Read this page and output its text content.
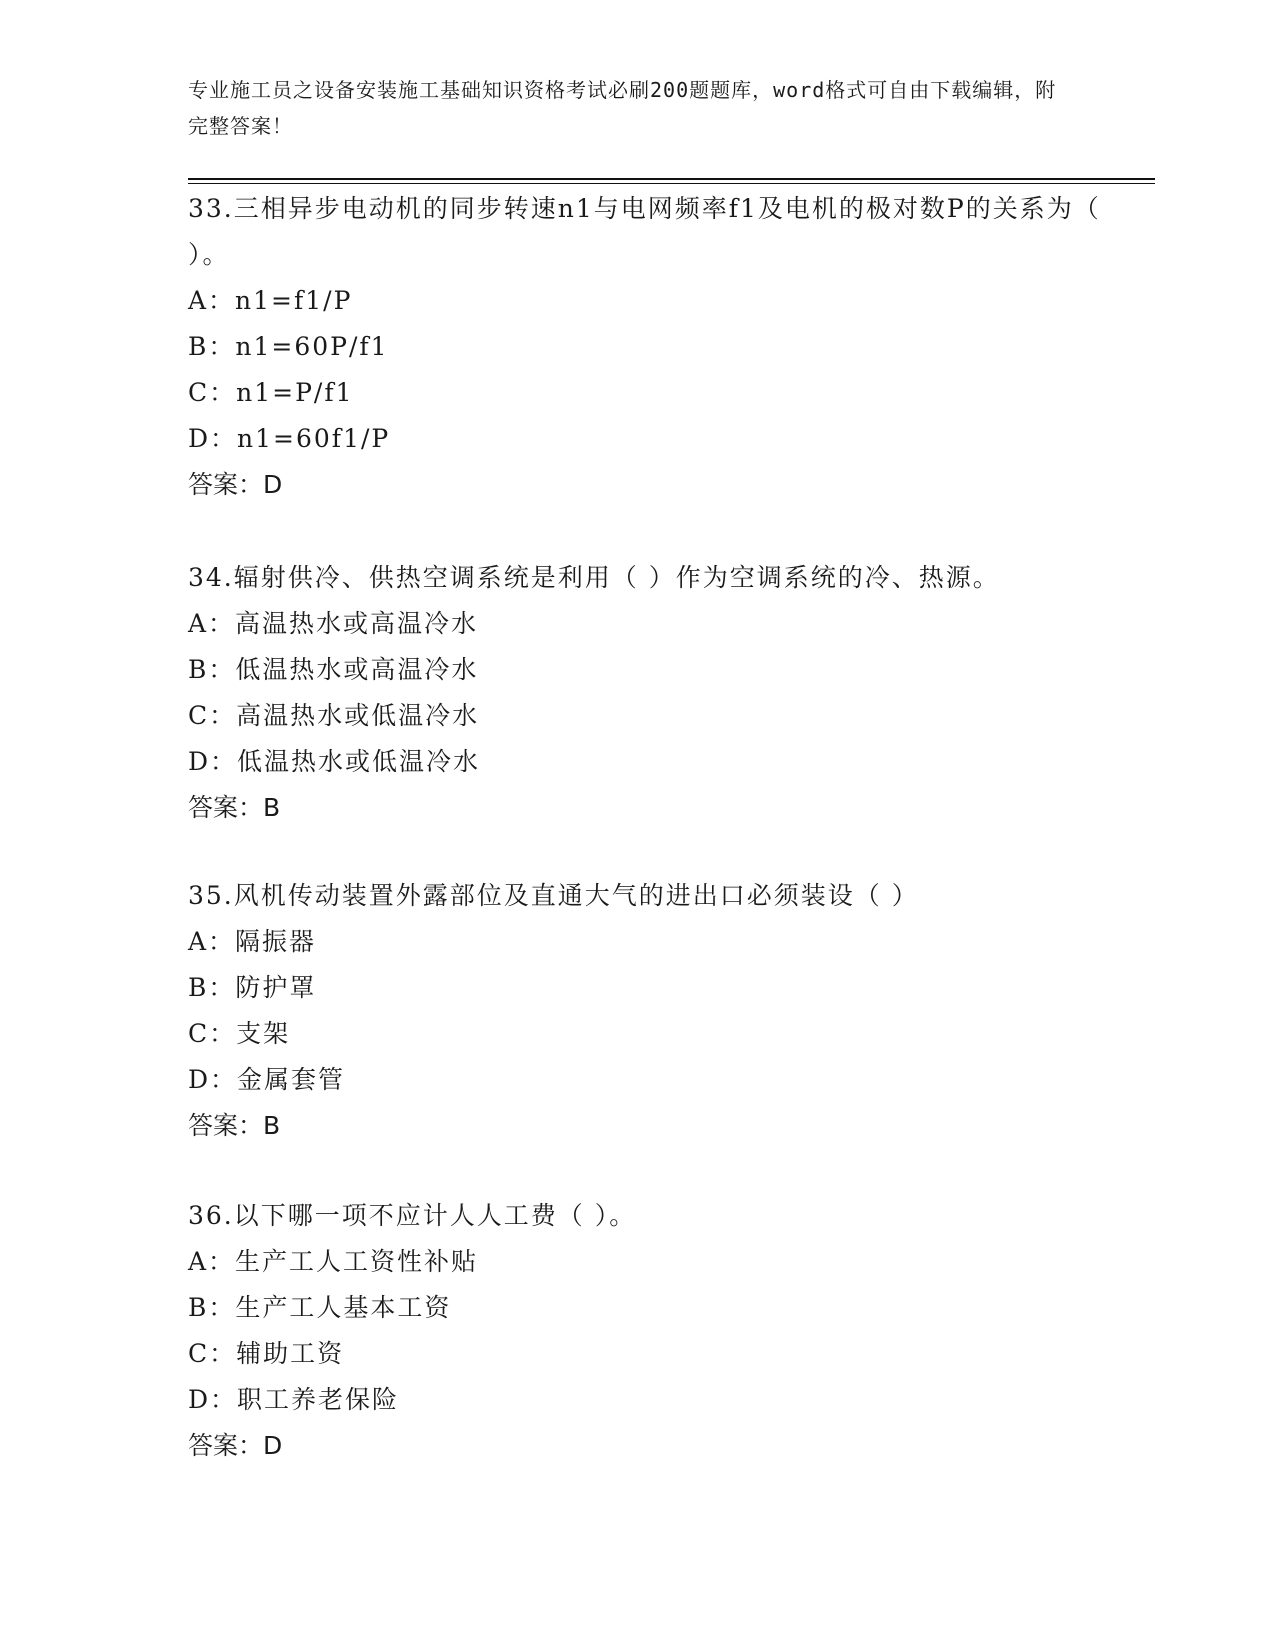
专业施工员之设备安装施工基础知识资格考试必刷200题题库，word格式可自由下载编辑，附完整答案！

33.三相异步电动机的同步转速n1与电网频率f1及电机的极对数P的关系为（ ）。

A：n1=f1/P

B：n1=60P/f1

C：n1=P/f1

D：n1=60f1/P

答案：D

34.辐射供冷、供热空调系统是利用（ ）作为空调系统的冷、热源。

A：高温热水或高温冷水

B：低温热水或高温冷水

C：高温热水或低温冷水

D：低温热水或低温冷水

答案：B

35.风机传动装置外露部位及直通大气的进出口必须装设（ ）

A：隔振器

B：防护罩

C：支架

D：金属套管

答案：B

36.以下哪一项不应计人人工费（ ）。

A：生产工人工资性补贴

B：生产工人基本工资

C：辅助工资

D：职工养老保险

答案：D
